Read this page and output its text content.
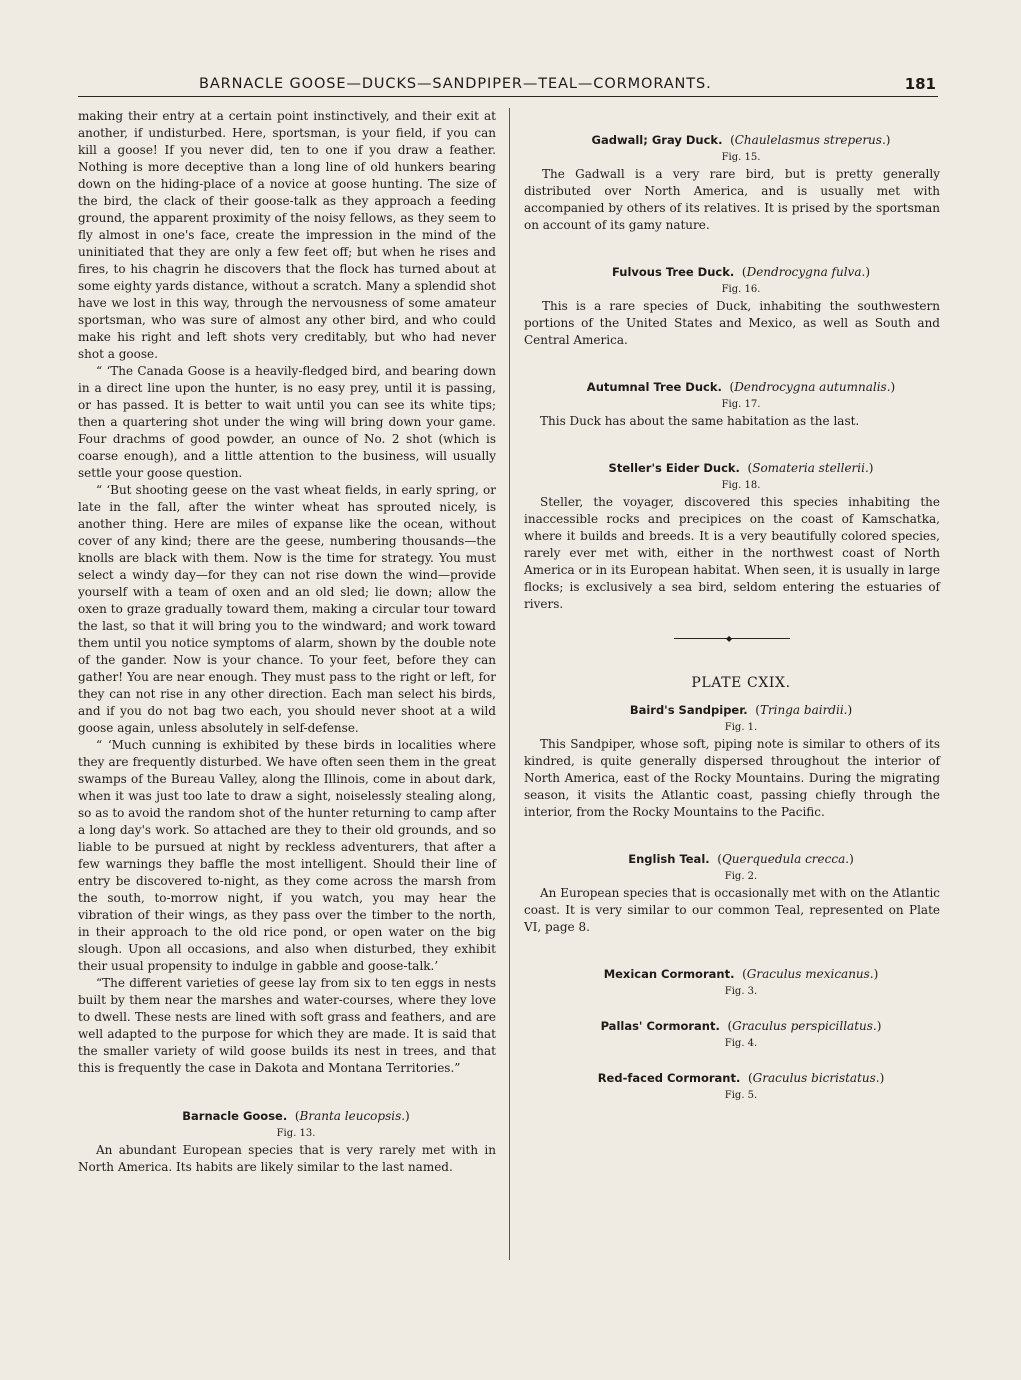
BARNACLE GOOSE—DUCKS—SANDPIPER—TEAL—CORMORANTS.	181

making their entry at a certain point instinctively, and their exit at another, if undisturbed. Here, sportsman, is your field, if you can kill a goose! If you never did, ten to one if you draw a feather. Nothing is more deceptive than a long line of old hunkers bearing down on the hiding-place of a novice at goose hunting. The size of the bird, the clack of their goose-talk as they approach a feeding ground, the apparent proximity of the noisy fellows, as they seem to fly almost in one's face, create the impression in the mind of the uninitiated that they are only a few feet off; but when he rises and fires, to his chagrin he discovers that the flock has turned about at some eighty yards distance, without a scratch. Many a splendid shot have we lost in this way, through the nervousness of some amateur sportsman, who was sure of almost any other bird, and who could make his right and left shots very creditably, but who had never shot a goose.

“ ‘The Canada Goose is a heavily-fledged bird, and bearing down in a direct line upon the hunter, is no easy prey, until it is passing, or has passed. It is better to wait until you can see its white tips; then a quartering shot under the wing will bring down your game. Four drachms of good powder, an ounce of No. 2 shot (which is coarse enough), and a little attention to the business, will usually settle your goose question.

“ ‘But shooting geese on the vast wheat fields, in early spring, or late in the fall, after the winter wheat has sprouted nicely, is another thing. Here are miles of expanse like the ocean, without cover of any kind; there are the geese, numbering thousands—the knolls are black with them. Now is the time for strategy. You must select a windy day—for they can not rise down the wind—provide yourself with a team of oxen and an old sled; lie down; allow the oxen to graze gradually toward them, making a circular tour toward the last, so that it will bring you to the windward; and work toward them until you notice symptoms of alarm, shown by the double note of the gander. Now is your chance. To your feet, before they can gather! You are near enough. They must pass to the right or left, for they can not rise in any other direction. Each man select his birds, and if you do not bag two each, you should never shoot at a wild goose again, unless absolutely in self-defense.

“ ‘Much cunning is exhibited by these birds in localities where they are frequently disturbed. We have often seen them in the great swamps of the Bureau Valley, along the Illinois, come in about dark, when it was just too late to draw a sight, noiselessly stealing along, so as to avoid the random shot of the hunter returning to camp after a long day's work. So attached are they to their old grounds, and so liable to be pursued at night by reckless adventurers, that after a few warnings they baffle the most intelligent. Should their line of entry be discovered to-night, as they come across the marsh from the south, to-morrow night, if you watch, you may hear the vibration of their wings, as they pass over the timber to the north, in their approach to the old rice pond, or open water on the big slough. Upon all occasions, and also when disturbed, they exhibit their usual propensity to indulge in gabble and goose-talk.’

“The different varieties of geese lay from six to ten eggs in nests built by them near the marshes and water-courses, where they love to dwell. These nests are lined with soft grass and feathers, and are well adapted to the purpose for which they are made. It is said that the smaller variety of wild goose builds its nest in trees, and that this is frequently the case in Dakota and Montana Territories.”

Barnacle Goose.  (Branta leucopsis.)

Fig. 13.

An abundant European species that is very rarely met with in North America. Its habits are likely similar to the last named.

Gadwall; Gray Duck.  (Chaulelasmus streperus.)

Fig. 15.

The Gadwall is a very rare bird, but is pretty generally distributed over North America, and is usually met with accompanied by others of its relatives. It is prised by the sportsman on account of its gamy nature.

Fulvous Tree Duck.  (Dendrocygna fulva.)

Fig. 16.

This is a rare species of Duck, inhabiting the southwestern portions of the United States and Mexico, as well as South and Central America.

Autumnal Tree Duck.  (Dendrocygna autumnalis.)

Fig. 17.

This Duck has about the same habitation as the last.

Steller's Eider Duck.  (Somateria stellerii.)

Fig. 18.

Steller, the voyager, discovered this species inhabiting the inaccessible rocks and precipices on the coast of Kamschatka, where it builds and breeds. It is a very beautifully colored species, rarely ever met with, either in the northwest coast of North America or in its European habitat. When seen, it is usually in large flocks; is exclusively a sea bird, seldom entering the estuaries of rivers.

◆

PLATE CXIX.

Baird's Sandpiper.  (Tringa bairdii.)

Fig. 1.

This Sandpiper, whose soft, piping note is similar to others of its kindred, is quite generally dispersed throughout the interior of North America, east of the Rocky Mountains. During the migrating season, it visits the Atlantic coast, passing chiefly through the interior, from the Rocky Mountains to the Pacific.

English Teal.  (Querquedula crecca.)

Fig. 2.

An European species that is occasionally met with on the Atlantic coast. It is very similar to our common Teal, represented on Plate VI, page 8.

Mexican Cormorant.  (Graculus mexicanus.)

Fig. 3.

Pallas' Cormorant.  (Graculus perspicillatus.)

Fig. 4.

Red-faced Cormorant.  (Graculus bicristatus.)

Fig. 5.
